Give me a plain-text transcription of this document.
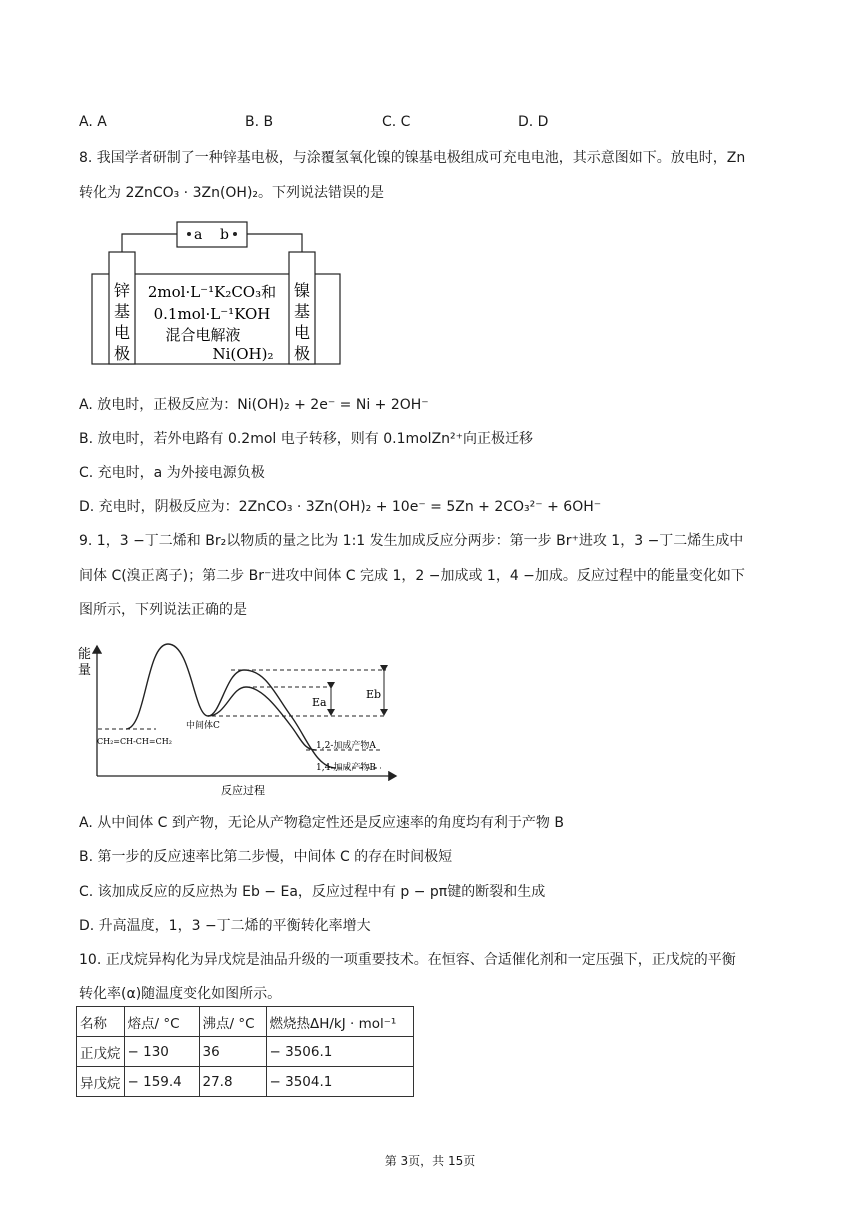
A. A	B. B	C. C	D. D
8. 我国学者研制了一种锌基电极，与涂覆氢氧化镍的镍基电极组成可充电电池，其示意图如下。放电时，Zn
转化为 2ZnCO₃ · 3Zn(OH)₂。下列说法错误的是
a b
锌
基
电
极
镍
基
电
极
2mol·L⁻¹K₂CO₃和
0.1mol·L⁻¹KOH
混合电解液
Ni(OH)₂
A. 放电时，正极反应为：Ni(OH)₂ + 2e⁻ = Ni + 2OH⁻
B. 放电时，若外电路有 0.2mol 电子转移，则有 0.1molZn²⁺向正极迁移
C. 充电时，a 为外接电源负极
D. 充电时，阴极反应为：2ZnCO₃ · 3Zn(OH)₂ + 10e⁻ = 5Zn + 2CO₃²⁻ + 6OH⁻
9. 1，3 −丁二烯和 Br₂以物质的量之比为 1:1 发生加成反应分两步：第一步 Br⁺进攻 1，3 −丁二烯生成中
间体 C(溴正离子)；第二步 Br⁻进攻中间体 C 完成 1，2 −加成或 1，4 −加成。反应过程中的能量变化如下
图所示，下列说法正确的是
能
量
反应过程
Ea
Eb
CH₂=CH-CH=CH₂
中间体C
1,2-加成产物A
1,4-加成产物B
A. 从中间体 C 到产物，无论从产物稳定性还是反应速率的角度均有利于产物 B
B. 第一步的反应速率比第二步慢，中间体 C 的存在时间极短
C. 该加成反应的反应热为 Eb − Ea，反应过程中有 p − pπ键的断裂和生成
D. 升高温度，1，3 −丁二烯的平衡转化率增大
10. 正戊烷异构化为异戊烷是油品升级的一项重要技术。在恒容、合适催化剂和一定压强下，正戊烷的平衡
转化率(α)随温度变化如图所示。
名称	熔点/ °C	沸点/ °C	燃烧热ΔH/kJ · mol⁻¹
正戊烷	− 130	36	− 3506.1
异戊烷	− 159.4	27.8	− 3504.1
第 3页，共 15页
